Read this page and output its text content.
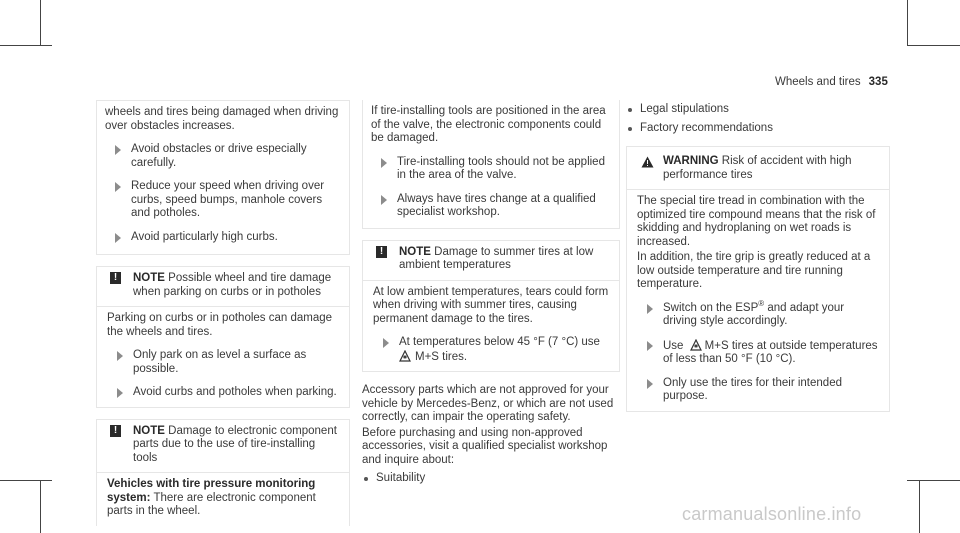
Wheels and tires 335

wheels and tires being damaged when driving over obstacles increases.

Avoid obstacles or drive especially carefully.
Reduce your speed when driving over curbs, speed bumps, manhole covers and potholes.
Avoid particularly high curbs.
!	NOTE Possible wheel and tire damage when parking on curbs or in potholes

Parking on curbs or in potholes can damage the wheels and tires.

Only park on as level a surface as possible.
Avoid curbs and potholes when parking.
!	NOTE Damage to electronic component parts due to the use of tire-installing tools

Vehicles with tire pressure monitoring system: There are electronic component parts in the wheel.

If tire-installing tools are positioned in the area of the valve, the electronic components could be damaged.

Tire-installing tools should not be applied in the area of the valve.
Always have tires change at a qualified specialist workshop.
!	NOTE Damage to summer tires at low ambient temperatures

At low ambient temperatures, tears could form when driving with summer tires, causing permanent damage to the tires.

At temperatures below 45 °F (7 °C) use
M+S tires.

Accessory parts which are not approved for your vehicle by Mercedes-Benz, or which are not used correctly, can impair the operating safety.

Before purchasing and using non-approved accessories, visit a qualified specialist workshop and inquire about:

Suitability
Legal stipulations
Factory recommendations
WARNING Risk of accident with high performance tires

The special tire tread in combination with the optimized tire compound means that the risk of skidding and hydroplaning on wet roads is increased.

In addition, the tire grip is greatly reduced at a low outside temperature and tire running temperature.

Switch on the ESP® and adapt your driving style accordingly.
Use M+S tires at outside temperatures of less than 50 °F (10 °C).
Only use the tires for their intended purpose.
carmanualsonline.info
